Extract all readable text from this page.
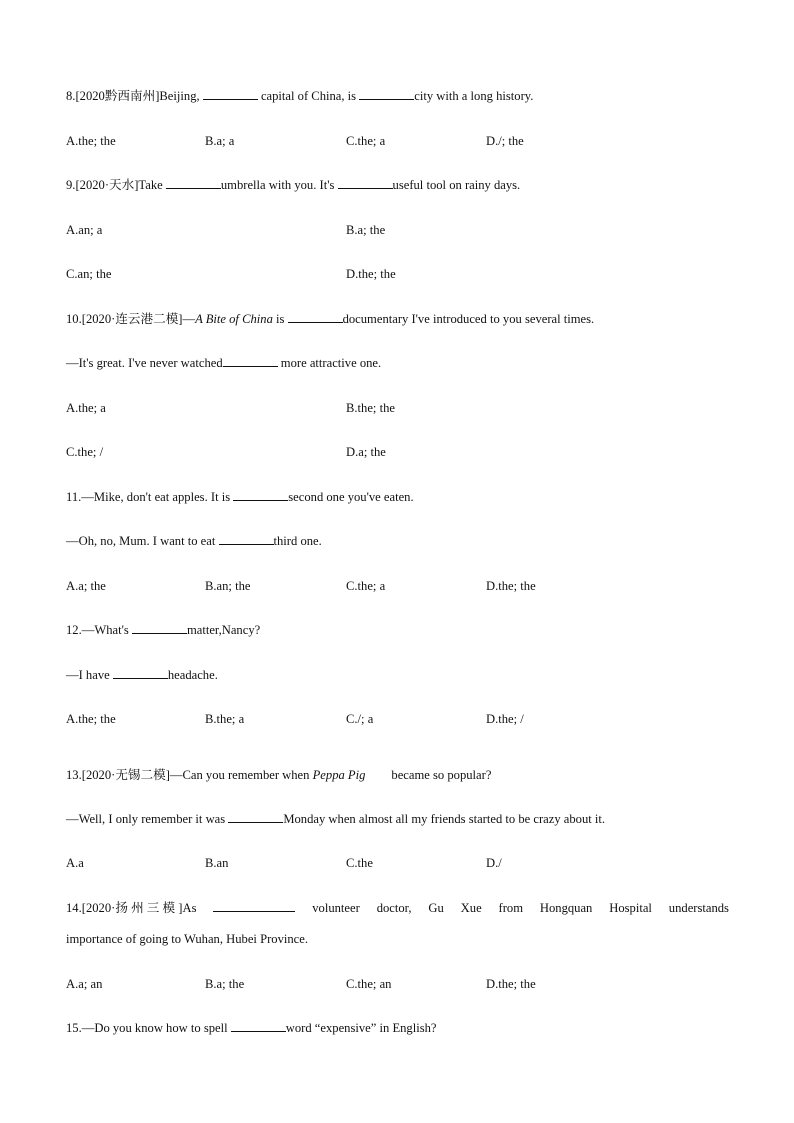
8.[2020黔西南州]Beijing,	capital of China, is	city with a long history.
A.the; the	B.a; a	C.the; a	D./; the
9.[2020·天水]Take	umbrella with you. It's	useful tool on rainy days.
A.an; a	B.a; the
C.an; the	D.the; the
10.[2020·连云港二模]—A Bite of China is	documentary I've introduced to you several times.
—It's great. I've never watched	more attractive one.
A.the; a	B.the; the
C.the; /	D.a; the
11.—Mike, don't eat apples. It is	second one you've eaten.
—Oh, no, Mum. I want to eat	third one.
A.a; the	B.an; the	C.the; a	D.the; the
12.—What's	matter,Nancy?
—I have	headache.
A.the; the	B.the; a	C./; a	D.the; /
13.[2020·无锡二模]—Can you remember when Peppa Pig became so popular?
—Well, I only remember it was	Monday when almost all my friends started to be crazy about it.
A.a	B.an	C.the	D./
14.[2020·扬 州 三 模 ]As	volunteer doctor, Gu Xue from Hongquan Hospital understands
importance of going to Wuhan, Hubei Province.
A.a; an	B.a; the	C.the; an	D.the; the
15.—Do you know how to spell	word “expensive” in English?
